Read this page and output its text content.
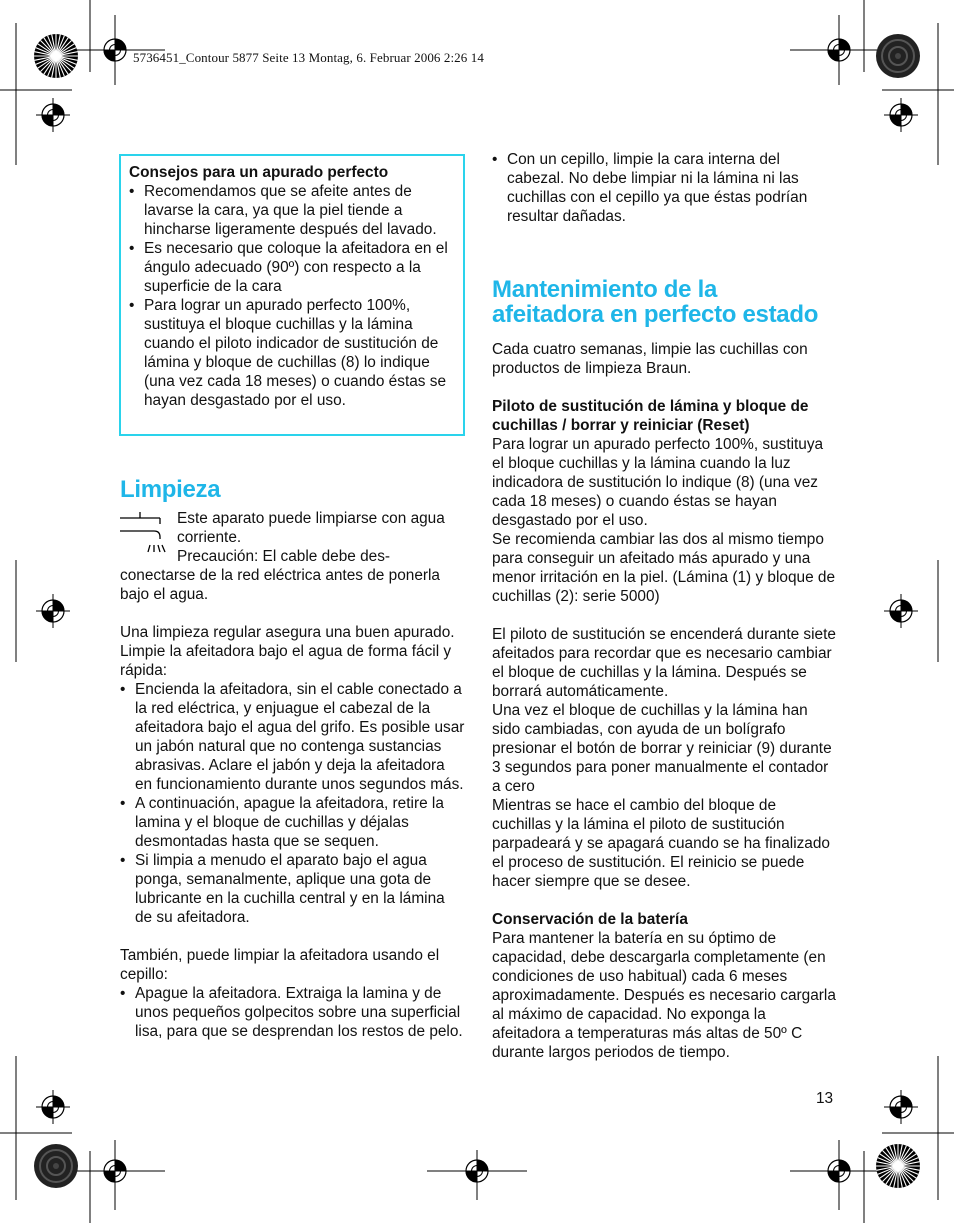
5736451_Contour 5877 Seite 13 Montag, 6. Februar 2006 2:26 14
Consejos para un apurado perfecto
• Recomendamos que se afeite antes de lavarse la cara, ya que la piel tiende a hincharse ligeramente después del lavado.
• Es necesario que coloque la afeitadora en el ángulo adecuado (90º) con respecto a la superficie de la cara
• Para lograr un apurado perfecto 100%, sustituya el bloque cuchillas y la lámina cuando el piloto indicador de sustitución de lámina y bloque de cuchillas (8) lo indique (una vez cada 18 meses) o cuando éstas se hayan desgastado por el uso.
Limpieza

Este aparato puede limpiarse con agua corriente.

Precaución: El cable debe des-

conectarse de la red eléctrica antes de ponerla bajo el agua.

Una limpieza regular asegura una buen apurado. Limpie la afeitadora bajo el agua de forma fácil y rápida:

• Encienda la afeitadora, sin el cable conectado a la red eléctrica, y enjuague el cabezal de la afeitadora bajo el agua del grifo. Es posible usar un jabón natural que no contenga sustancias abrasivas. Aclare el jabón y deja la afeitadora en funcionamiento durante unos segundos más.
• A continuación, apague la afeitadora, retire la lamina y el bloque de cuchillas y déjalas desmontadas hasta que se sequen.
• Si limpia a menudo el aparato bajo el agua ponga, semanalmente, aplique una gota de lubricante en la cuchilla central y en la lámina de su afeitadora.

También, puede limpiar la afeitadora usando el cepillo:

• Apague la afeitadora. Extraiga la lamina y de unos pequeños golpecitos sobre una superficial lisa, para que se desprendan los restos de pelo.
• Con un cepillo, limpie la cara interna del cabezal. No debe limpiar ni la lámina ni las cuchillas con el cepillo ya que éstas podrían resultar dañadas.
Mantenimiento de la
afeitadora en perfecto estado

Cada cuatro semanas, limpie las cuchillas con productos de limpieza Braun.

Piloto de sustitución de lámina y bloque de cuchillas / borrar y reiniciar (Reset)

Para lograr un apurado perfecto 100%, sustituya el bloque cuchillas y la lámina cuando la luz indicadora de sustitución lo indique (8) (una vez cada 18 meses) o cuando éstas se hayan desgastado por el uso.

Se recomienda cambiar las dos al mismo tiempo para conseguir un afeitado más apurado y una menor irritación en la piel. (Lámina (1) y bloque de cuchillas (2): serie 5000)

El piloto de sustitución se encenderá durante siete afeitados para recordar que es necesario cambiar el bloque de cuchillas y la lámina. Después se borrará automáticamente.

Una vez el bloque de cuchillas y la lámina han sido cambiadas, con ayuda de un bolígrafo presionar el botón de borrar y reiniciar (9) durante 3 segundos para poner manualmente el contador a cero

Mientras se hace el cambio del bloque de cuchillas y la lámina el piloto de sustitución parpadeará y se apagará cuando se ha finalizado el proceso de sustitución. El reinicio se puede hacer siempre que se desee.

Conservación de la batería

Para mantener la batería en su óptimo de capacidad, debe descargarla completamente (en condiciones de uso habitual) cada 6 meses aproximadamente. Después es necesario cargarla al máximo de capacidad. No exponga la afeitadora a temperaturas más altas de 50º C durante largos periodos de tiempo.

13
